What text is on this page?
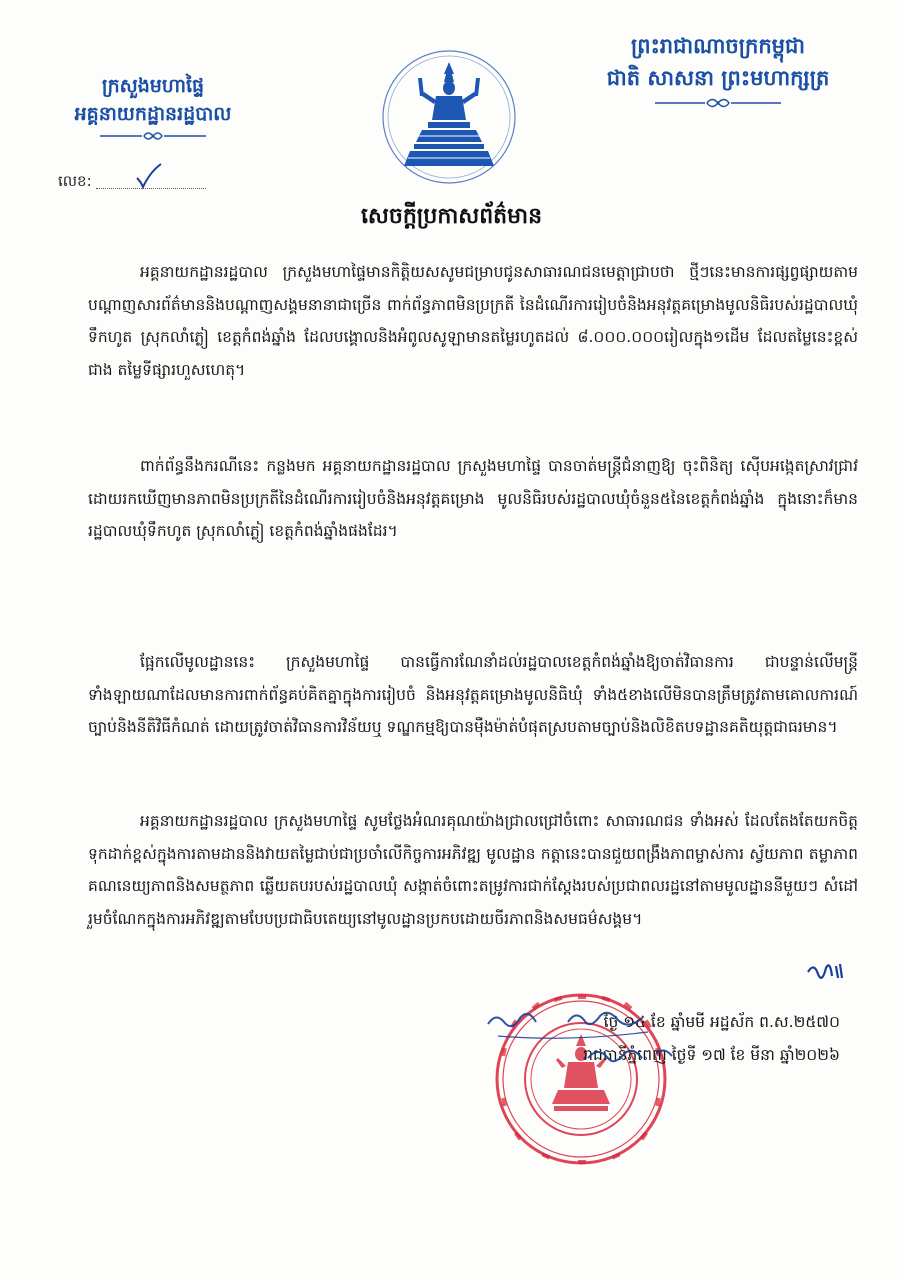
ក្រសួងមហាផ្ទៃ
អគ្គនាយកដ្ឋានរដ្ឋបាល
ព្រះរាជាណាចក្រកម្ពុជា
ជាតិ សាសនា ព្រះមហាក្សត្រ
លេខ:
សេចក្តីប្រកាសព័ត៌មាន
អគ្គនាយកដ្ឋានរដ្ឋបាល ក្រសួងមហាផ្ទៃមានកិត្តិយសសូមជម្រាបជូនសាធារណជនមេត្តាជ្រាបថា ថ្មីៗនេះមានការផ្សព្វផ្សាយតាមបណ្តាញសារព័ត៌មាននិងបណ្តាញសង្គមនានាជាច្រើន ពាក់ព័ន្ធភាពមិនប្រក្រតី នៃដំណើរការរៀបចំនិងអនុវត្តគម្រោងមូលនិធិរបស់រដ្ឋបាលឃុំទឹកហូត ស្រុកលាំភ្លៀ ខេត្តកំពង់ឆ្នាំង ដែលបង្គោលនិងអំពូលសូឡាមានតម្លៃរហូតដល់ ៨.០០០.០០០រៀលក្នុង១ដើម ដែលតម្លៃនេះខ្ពស់ជាង តម្លៃទីផ្សារហួសហេតុ។
ពាក់ព័ន្ធនឹងករណីនេះ កន្លងមក អគ្គនាយកដ្ឋានរដ្ឋបាល ក្រសួងមហាផ្ទៃ បានចាត់មន្ត្រីជំនាញឱ្យ ចុះពិនិត្យ ស៊ើបអង្កេតស្រាវជ្រាវ ដោយរកឃើញមានភាពមិនប្រក្រតីនៃដំណើរការរៀបចំនិងអនុវត្តគម្រោង មូលនិធិរបស់រដ្ឋបាលឃុំចំនួន៥នៃខេត្តកំពង់ឆ្នាំង ក្នុងនោះក៏មានរដ្ឋបាលឃុំទឹកហូត ស្រុកលាំភ្លៀ ខេត្តកំពង់ឆ្នាំងផងដែរ។
ផ្អែកលើមូលដ្ឋាននេះ ក្រសួងមហាផ្ទៃ បានធ្វើការណែនាំដល់រដ្ឋបាលខេត្តកំពង់ឆ្នាំងឱ្យចាត់វិធានការ ជាបន្ទាន់លើមន្ត្រីទាំងឡាយណាដែលមានការពាក់ព័ន្ធគប់គិតគ្នាក្នុងការរៀបចំ និងអនុវត្តគម្រោងមូលនិធិឃុំ ទាំង៥ខាងលើមិនបានត្រឹមត្រូវតាមគោលការណ៍ច្បាប់និងនីតិវិធីកំណត់ ដោយត្រូវចាត់វិធានការវិន័យឬ ទណ្ឌកម្មឱ្យបានម៉ឺងម៉ាត់បំផុតស្របតាមច្បាប់និងលិខិតបទដ្ឋានគតិយុត្តជាធរមាន។
អគ្គនាយកដ្ឋានរដ្ឋបាល ក្រសួងមហាផ្ទៃ សូមថ្លែងអំណរគុណយ៉ាងជ្រាលជ្រៅចំពោះ សាធារណជន ទាំងអស់ ដែលតែងតែយកចិត្តទុកដាក់ខ្ពស់ក្នុងការតាមដាននិងវាយតម្លៃជាប់ជាប្រចាំលើកិច្ចការអភិវឌ្ឍ មូលដ្ឋាន កត្តានេះបានជួយពង្រឹងភាពម្ចាស់ការ ស្វ័យភាព តម្លាភាព គណនេយ្យភាពនិងសមត្ថភាព ឆ្លើយតបរបស់រដ្ឋបាលឃុំ សង្កាត់ចំពោះតម្រូវការជាក់ស្តែងរបស់ប្រជាពលរដ្ឋនៅតាមមូលដ្ឋាននីមួយៗ សំដៅរួមចំណែកក្នុងការអភិវឌ្ឍតាមបែបប្រជាធិបតេយ្យនៅមូលដ្ឋានប្រកបដោយចីរភាពនិងសមធម៌សង្គម។
ថ្ងៃ ១៤ ខែ ឆ្នាំមមី អដ្ឋស័ក ព.ស.២៥៧០
រាជធានីភ្នំពេញ ថ្ងៃទី ១៧ ខែ មីនា ឆ្នាំ២០២៦
